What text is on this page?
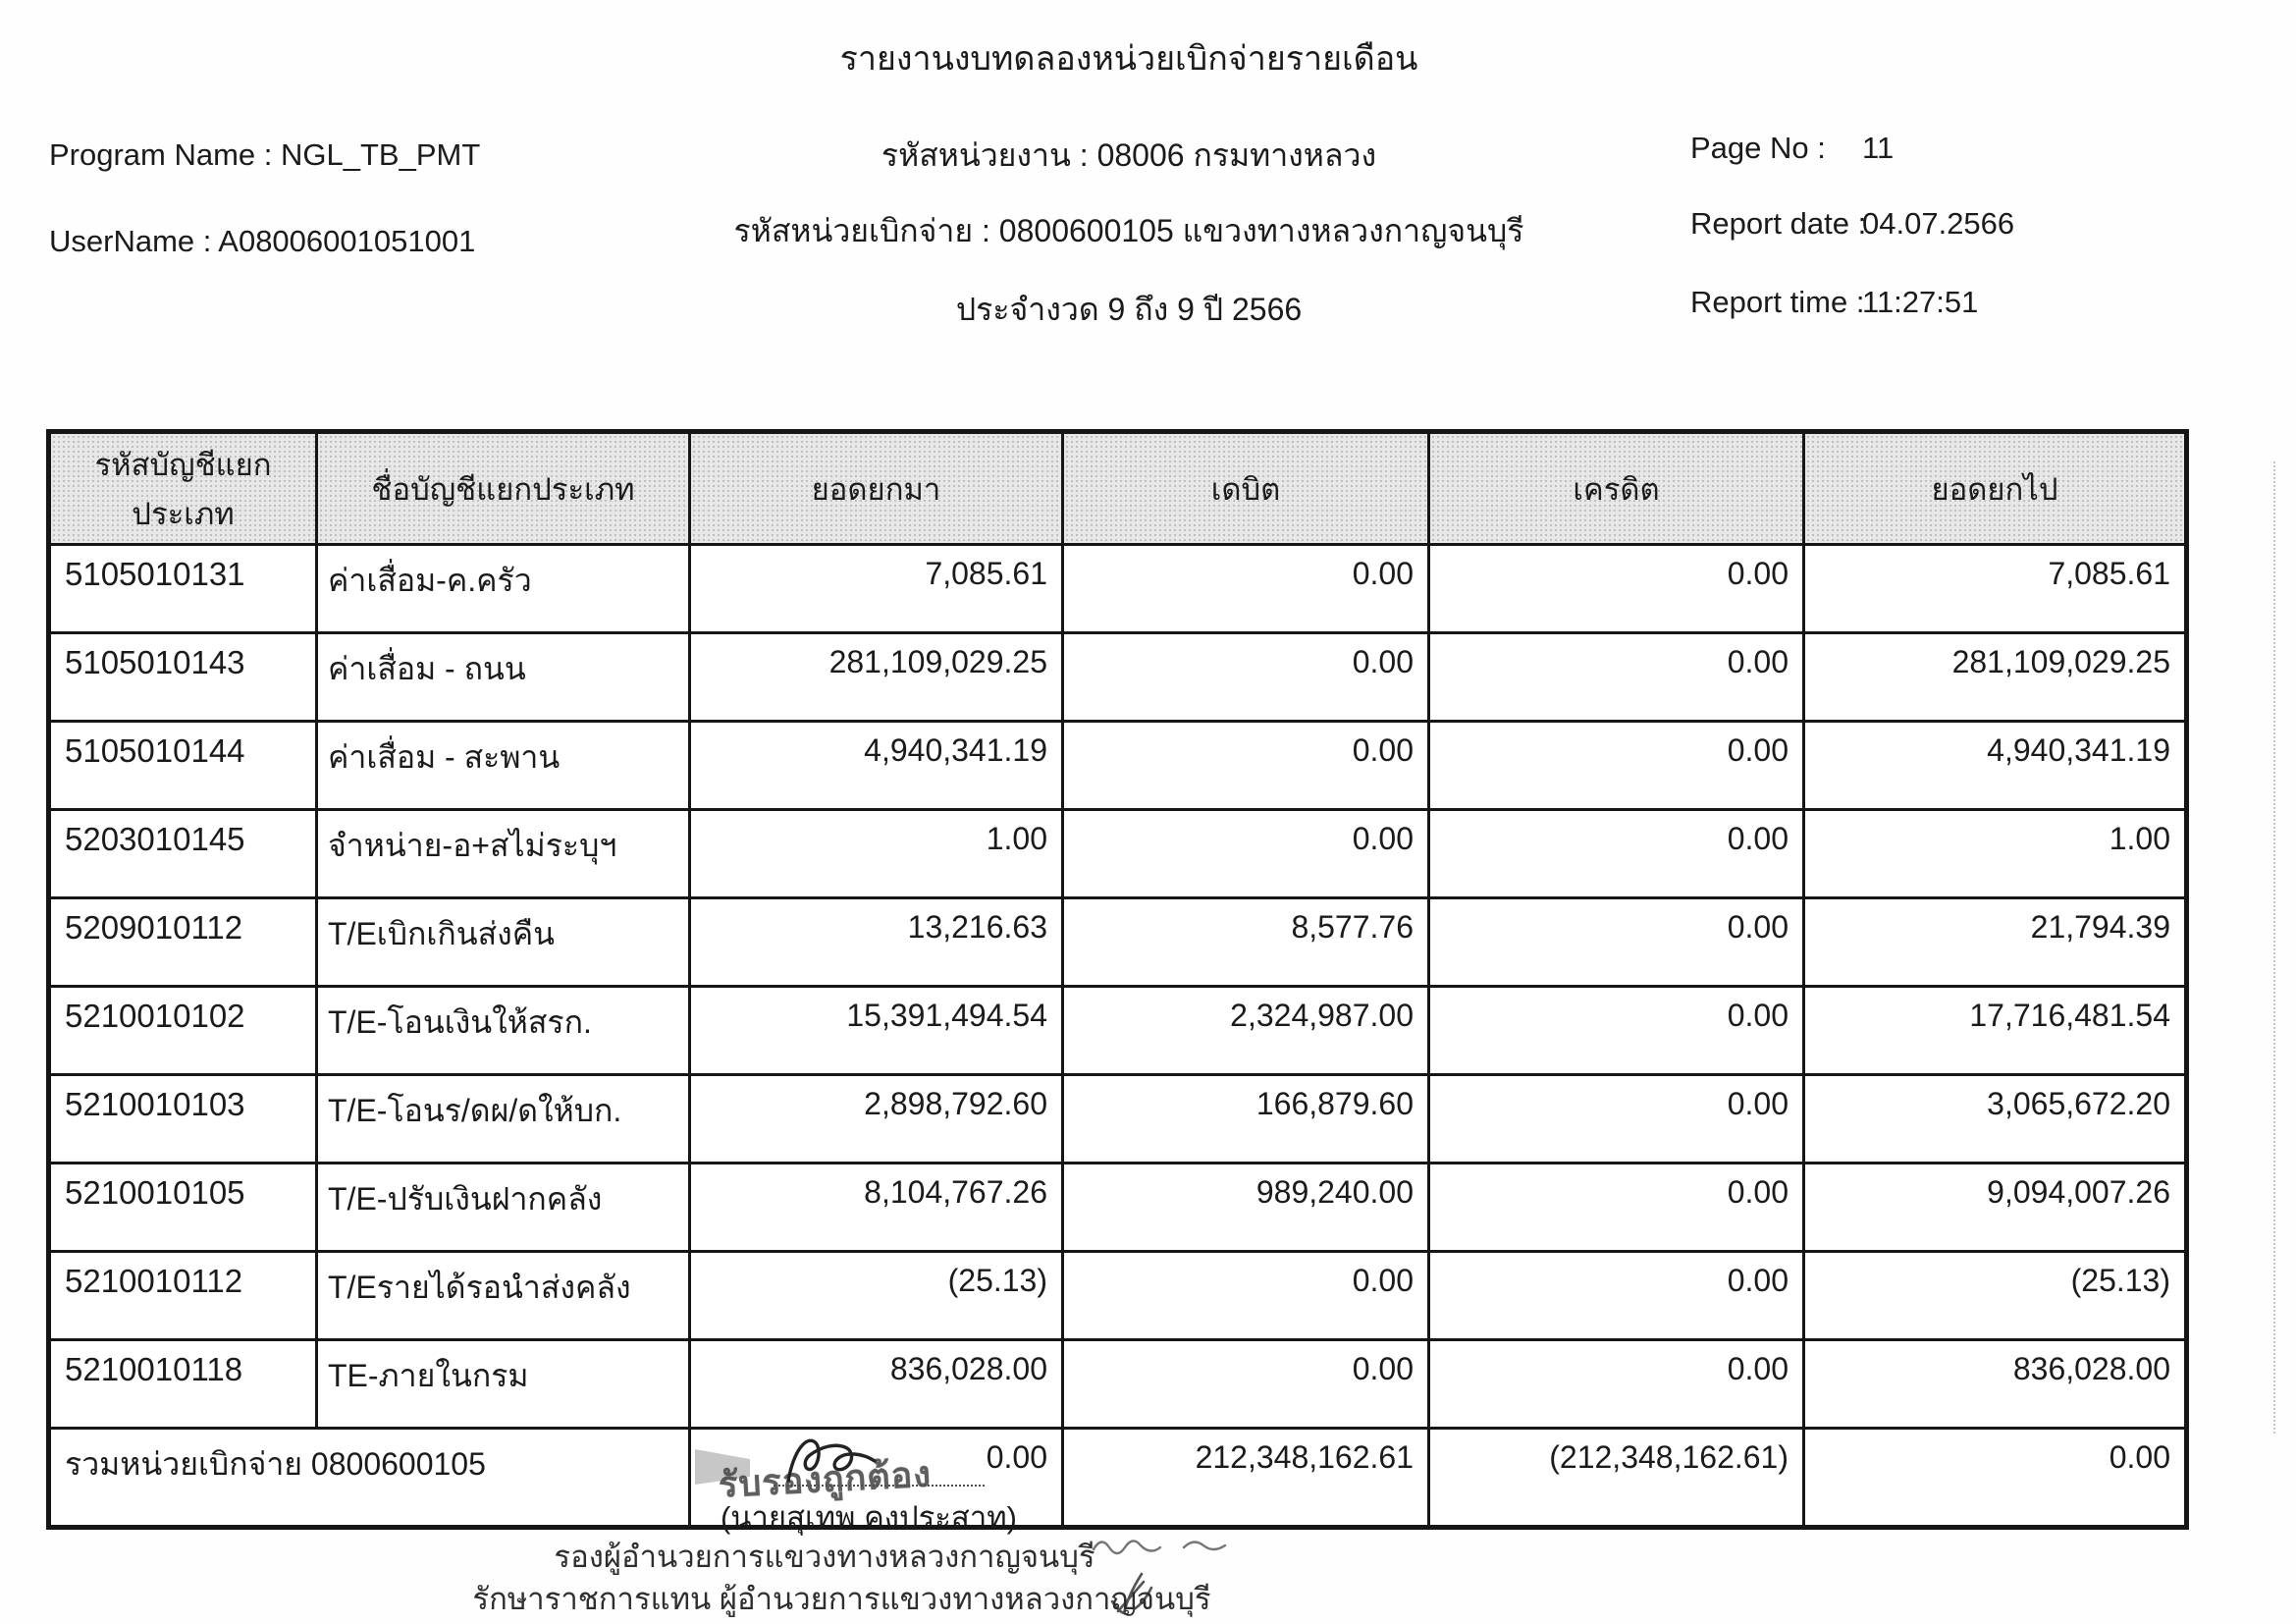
รายงานงบทดลองหน่วยเบิกจ่ายรายเดือน
Program Name : NGL_TB_PMT
UserName : A08006001051001
รหัสหน่วยงาน : 08006 กรมทางหลวง
รหัสหน่วยเบิกจ่าย : 0800600105 แขวงทางหลวงกาญจนบุรี
ประจำงวด 9 ถึง 9 ปี 2566
Page No : 11
Report date :
04.07.2566
Report time :
11:27:51
รหัสบัญชีแยกประเภท	ชื่อบัญชีแยกประเภท	ยอดยกมา	เดบิต	เครดิต	ยอดยกไป
5105010131	ค่าเสื่อม-ค.ครัว	7,085.61	0.00	0.00	7,085.61
5105010143	ค่าเสื่อม - ถนน	281,109,029.25	0.00	0.00	281,109,029.25
5105010144	ค่าเสื่อม - สะพาน	4,940,341.19	0.00	0.00	4,940,341.19
5203010145	จำหน่าย-อ+สไม่ระบุฯ	1.00	0.00	0.00	1.00
5209010112	T/Eเบิกเกินส่งคืน	13,216.63	8,577.76	0.00	21,794.39
5210010102	T/E-โอนเงินให้สรก.	15,391,494.54	2,324,987.00	0.00	17,716,481.54
5210010103	T/E-โอนร/ดผ/ดให้บก.	2,898,792.60	166,879.60	0.00	3,065,672.20
5210010105	T/E-ปรับเงินฝากคลัง	8,104,767.26	989,240.00	0.00	9,094,007.26
5210010112	T/Eรายได้รอนำส่งคลัง	(25.13)	0.00	0.00	(25.13)
5210010118	TE-ภายในกรม	836,028.00	0.00	0.00	836,028.00
รวมหน่วยเบิกจ่าย 0800600105		รับรองถูกต้อง 0.00	212,348,162.61	(212,348,162.61)	0.00
(นายสุเทพ คงประสาท)
รองผู้อำนวยการแขวงทางหลวงกาญจนบุรี
รักษาราชการแทน ผู้อำนวยการแขวงทางหลวงกาญจนบุรี
